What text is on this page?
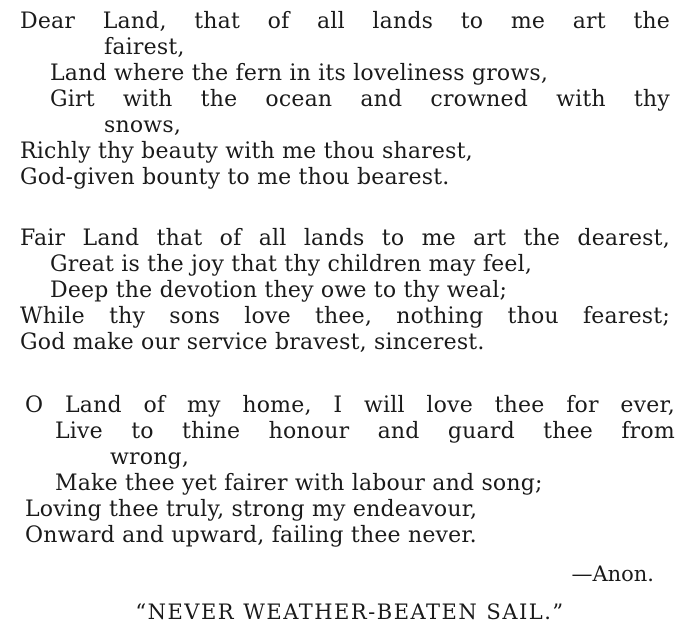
Dear Land, that of all lands to me art the
fairest,
Land where the fern in its loveliness grows,
Girt with the ocean and crowned with thy
snows,
Richly thy beauty with me thou sharest,
God-given bounty to me thou bearest.
Fair Land that of all lands to me art the dearest,
Great is the joy that thy children may feel,
Deep the devotion they owe to thy weal;
While thy sons love thee, nothing thou fearest;
God make our service bravest, sincerest.
O Land of my home, I will love thee for ever,
Live to thine honour and guard thee from
wrong,
Make thee yet fairer with labour and song;
Loving thee truly, strong my endeavour,
Onward and upward, failing thee never.
—Anon.
“NEVER WEATHER-BEATEN SAIL.”
